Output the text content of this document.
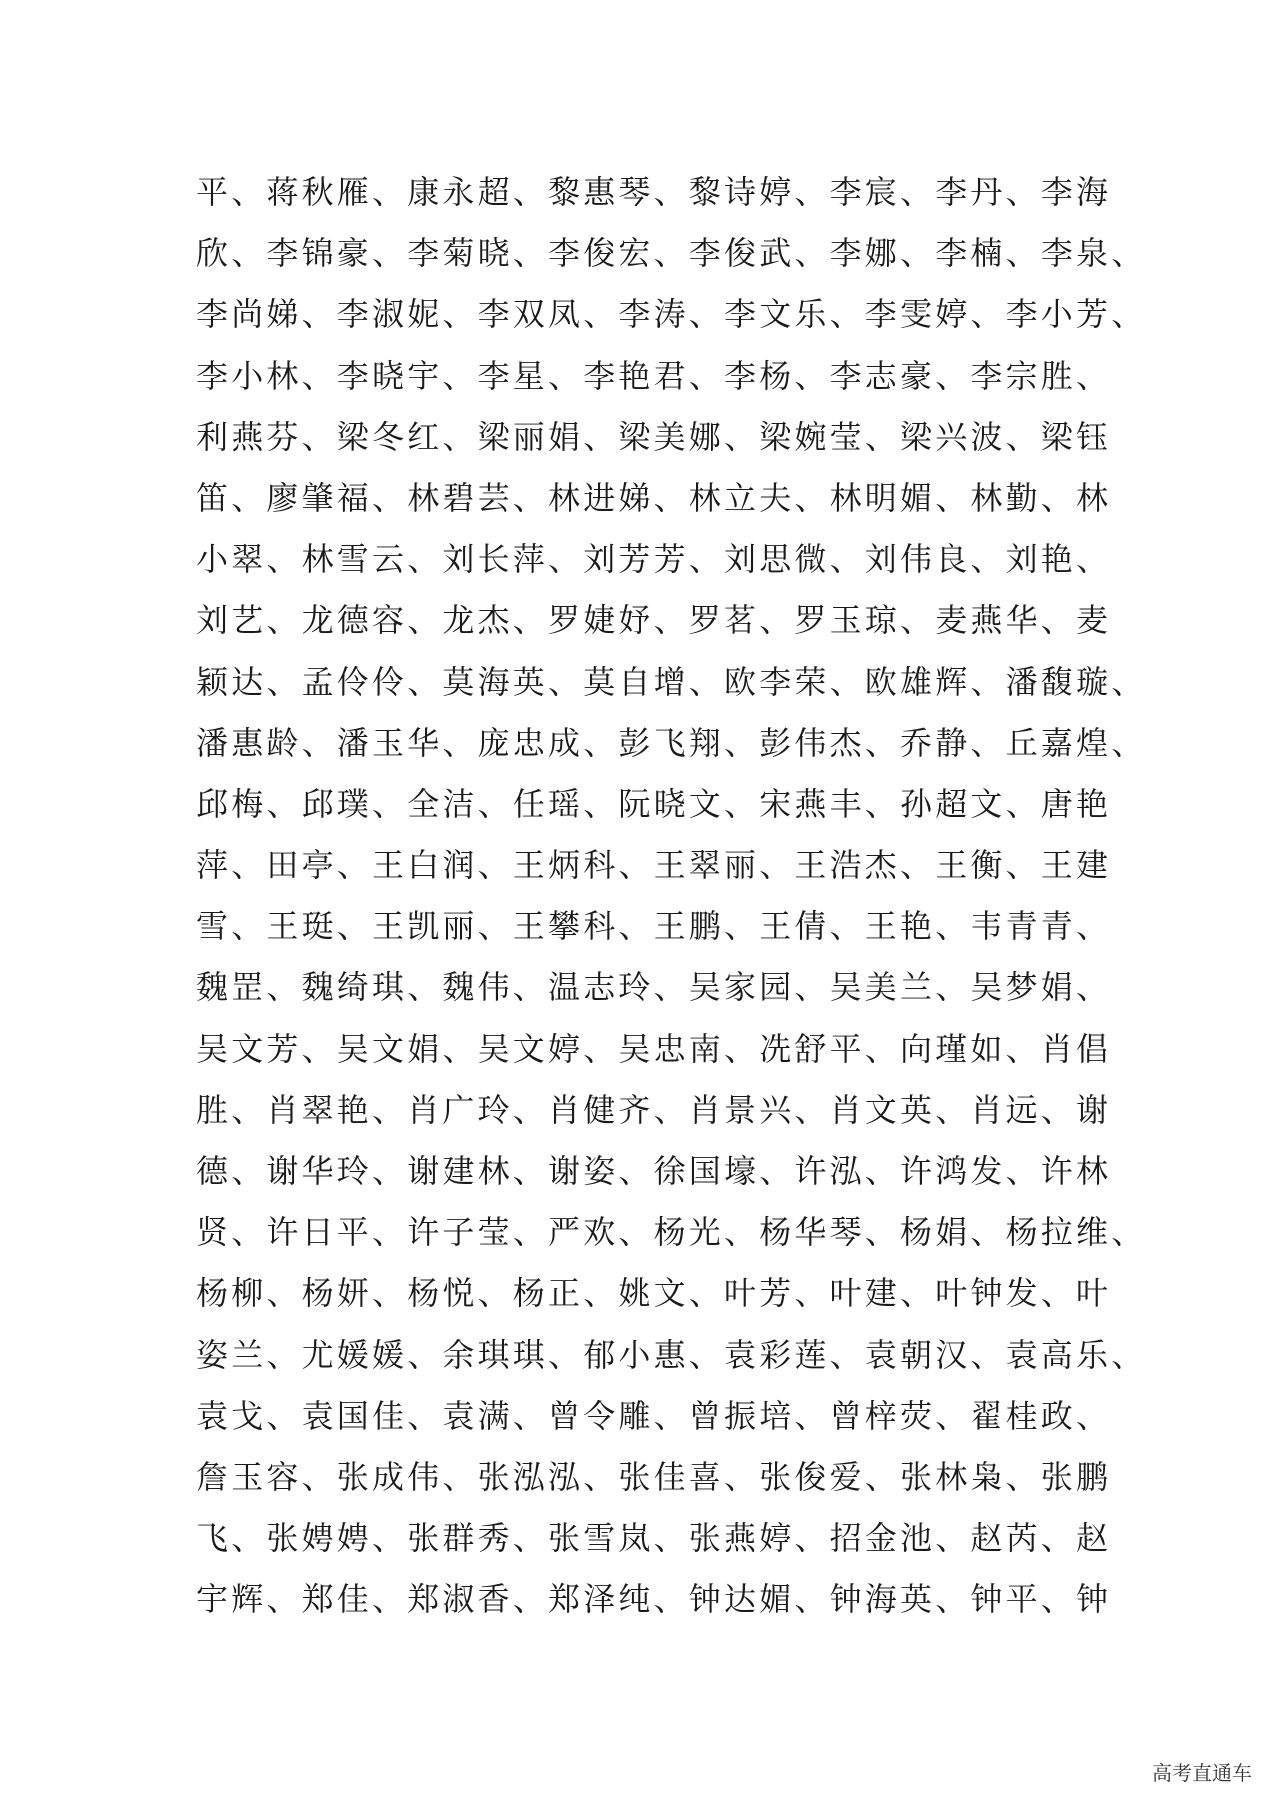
平、蒋秋雁、康永超、黎惠琴、黎诗婷、李宸、李丹、李海
欣、李锦豪、李菊晓、李俊宏、李俊武、李娜、李楠、李泉、
李尚娣、李淑妮、李双凤、李涛、李文乐、李雯婷、李小芳、
李小林、李晓宇、李星、李艳君、李杨、李志豪、李宗胜、
利燕芬、梁冬红、梁丽娟、梁美娜、梁婉莹、梁兴波、梁钰
笛、廖肇福、林碧芸、林进娣、林立夫、林明媚、林勤、林
小翠、林雪云、刘长萍、刘芳芳、刘思微、刘伟良、刘艳、
刘艺、龙德容、龙杰、罗婕妤、罗茗、罗玉琼、麦燕华、麦
颖达、孟伶伶、莫海英、莫自增、欧李荣、欧雄辉、潘馥璇、
潘惠龄、潘玉华、庞忠成、彭飞翔、彭伟杰、乔静、丘嘉煌、
邱梅、邱璞、全洁、任瑶、阮晓文、宋燕丰、孙超文、唐艳
萍、田亭、王白润、王炳科、王翠丽、王浩杰、王衡、王建
雪、王珽、王凯丽、王攀科、王鹏、王倩、王艳、韦青青、
魏罡、魏绮琪、魏伟、温志玲、吴家园、吴美兰、吴梦娟、
吴文芳、吴文娟、吴文婷、吴忠南、冼舒平、向瑾如、肖倡
胜、肖翠艳、肖广玲、肖健齐、肖景兴、肖文英、肖远、谢
德、谢华玲、谢建林、谢姿、徐国壕、许泓、许鸿发、许林
贤、许日平、许子莹、严欢、杨光、杨华琴、杨娟、杨拉维、
杨柳、杨妍、杨悦、杨正、姚文、叶芳、叶建、叶钟发、叶
姿兰、尤媛媛、余琪琪、郁小惠、袁彩莲、袁朝汉、袁高乐、
袁戈、袁国佳、袁满、曾令雕、曾振培、曾梓荧、翟桂政、
詹玉容、张成伟、张泓泓、张佳喜、张俊爱、张林枭、张鹏
飞、张娉娉、张群秀、张雪岚、张燕婷、招金池、赵芮、赵
宇辉、郑佳、郑淑香、郑泽纯、钟达媚、钟海英、钟平、钟
高考直通车
